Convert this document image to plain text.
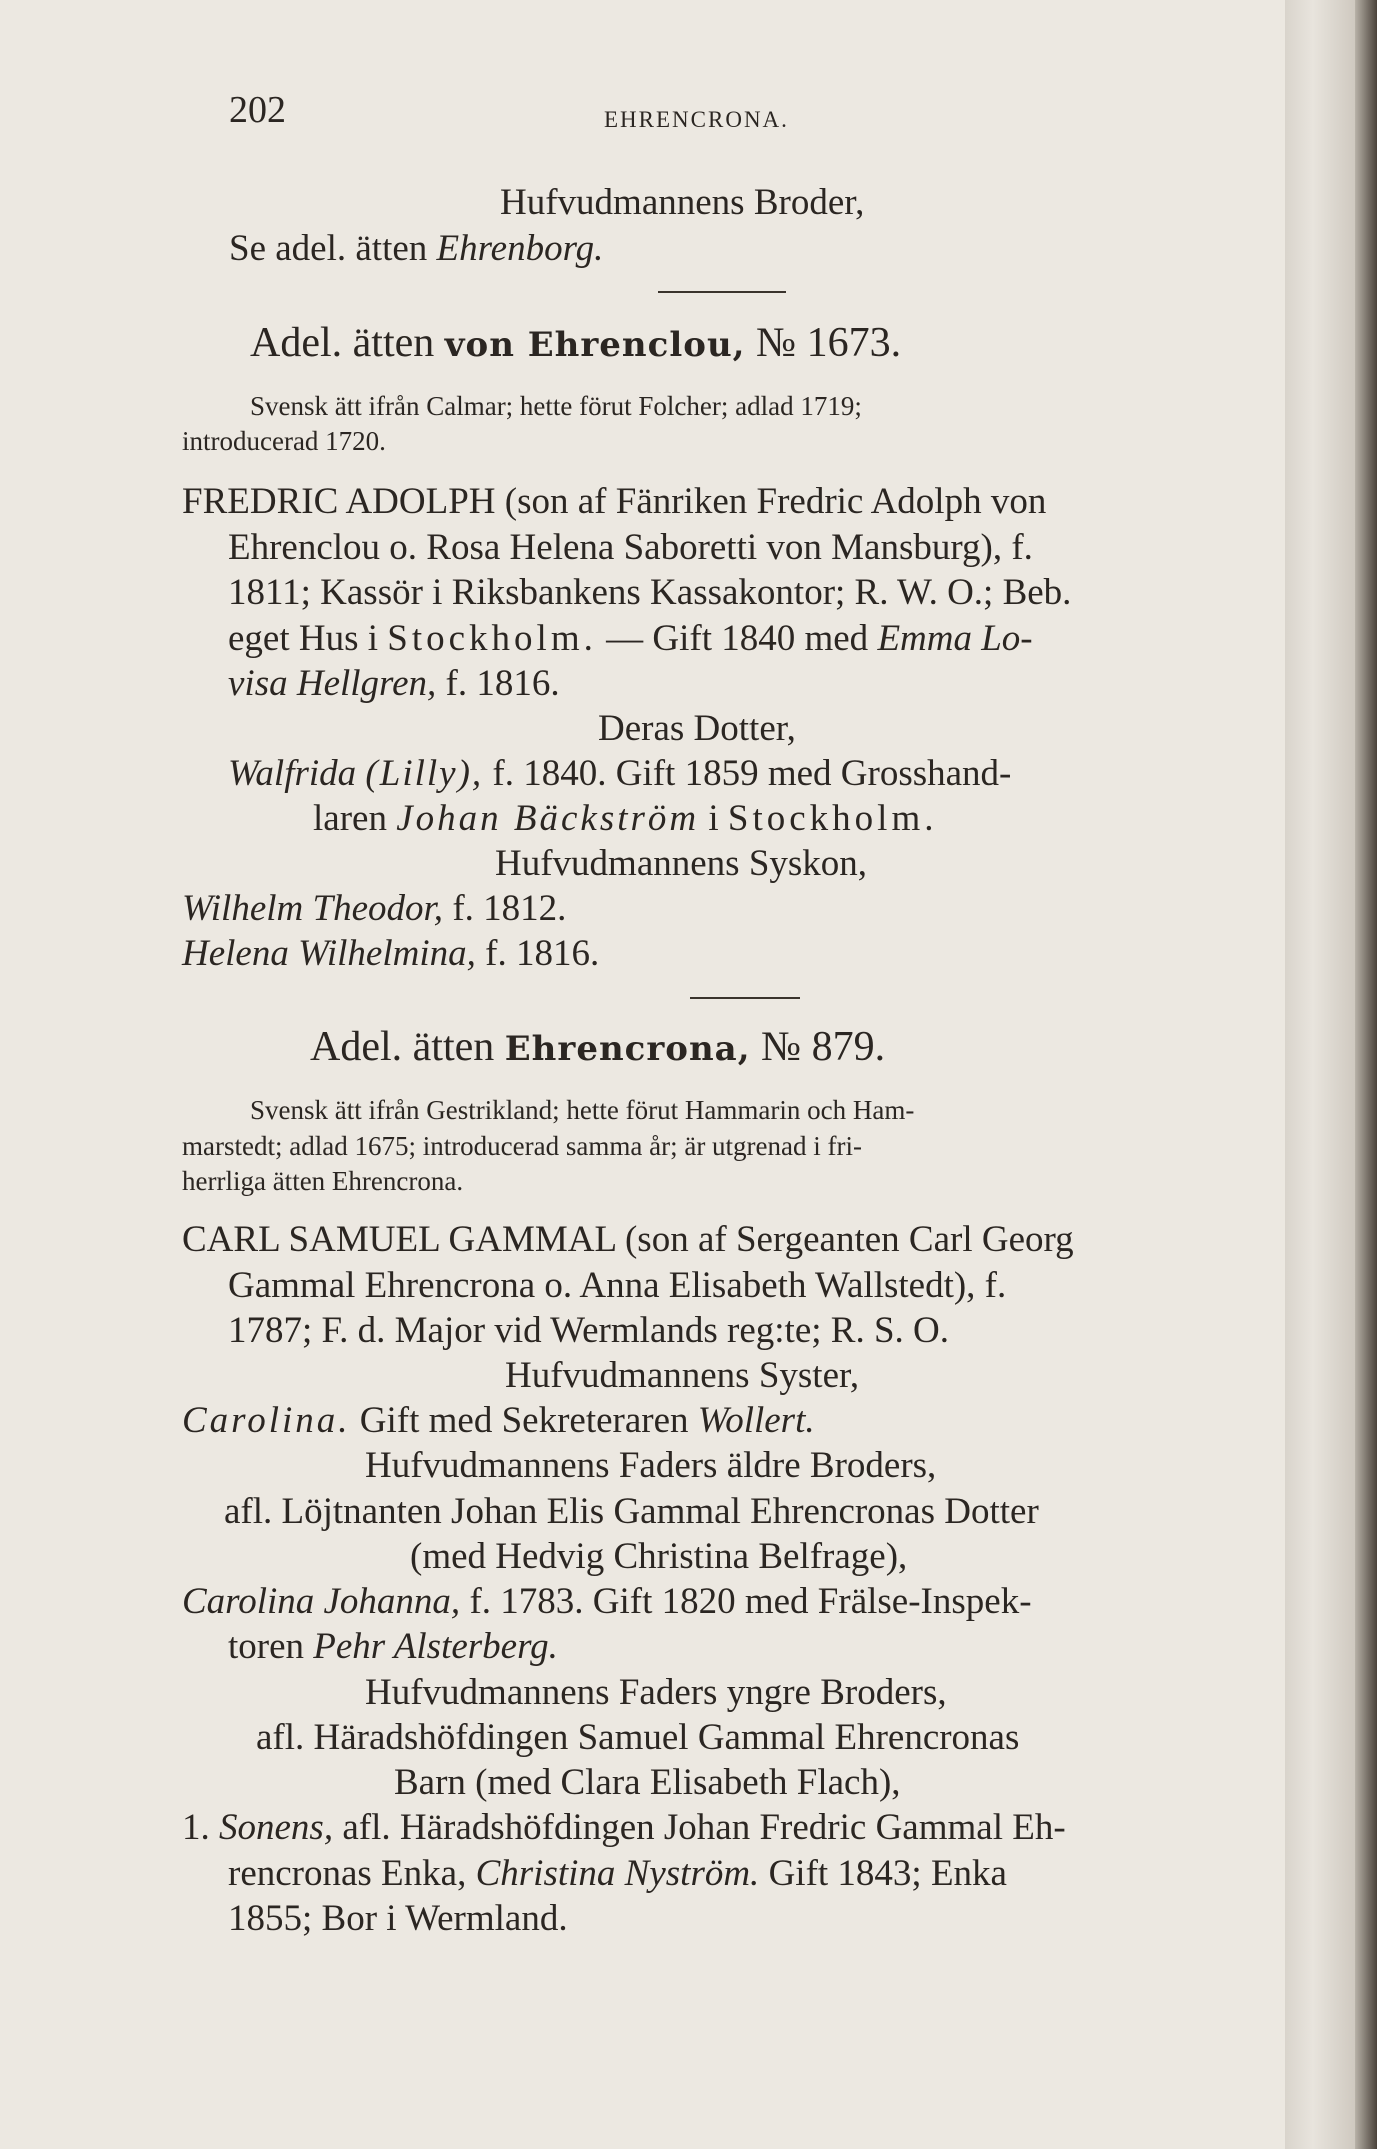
202	EHRENCRONA.
Hufvudmannens Broder,
Se adel. ätten Ehrenborg.
Adel. ätten von Ehrenclou, № 1673.
Svensk ätt ifrån Calmar; hette förut Folcher; adlad 1719;
introducerad 1720.
FREDRIC ADOLPH (son af Fänriken Fredric Adolph von
Ehrenclou o. Rosa Helena Saboretti von Mansburg), f.
1811; Kassör i Riksbankens Kassakontor; R. W. O.; Beb.
eget Hus i Stockholm. — Gift 1840 med Emma Lo-
visa Hellgren, f. 1816.
Deras Dotter,
Walfrida (Lilly), f. 1840. Gift 1859 med Grosshand-
laren Johan Bäckström i Stockholm.
Hufvudmannens Syskon,
Wilhelm Theodor, f. 1812.
Helena Wilhelmina, f. 1816.
Adel. ätten Ehrencrona, № 879.
Svensk ätt ifrån Gestrikland; hette förut Hammarin och Ham-
marstedt; adlad 1675; introducerad samma år; är utgrenad i fri-
herrliga ätten Ehrencrona.
CARL SAMUEL GAMMAL (son af Sergeanten Carl Georg
Gammal Ehrencrona o. Anna Elisabeth Wallstedt), f.
1787; F. d. Major vid Wermlands reg:te; R. S. O.
Hufvudmannens Syster,
Carolina. Gift med Sekreteraren Wollert.
Hufvudmannens Faders äldre Broders,
afl. Löjtnanten Johan Elis Gammal Ehrencronas Dotter
(med Hedvig Christina Belfrage),
Carolina Johanna, f. 1783. Gift 1820 med Frälse-Inspek-
toren Pehr Alsterberg.
Hufvudmannens Faders yngre Broders,
afl. Häradshöfdingen Samuel Gammal Ehrencronas
Barn (med Clara Elisabeth Flach),
1. Sonens, afl. Häradshöfdingen Johan Fredric Gammal Eh-
rencronas Enka, Christina Nyström. Gift 1843; Enka
1855; Bor i Wermland.
